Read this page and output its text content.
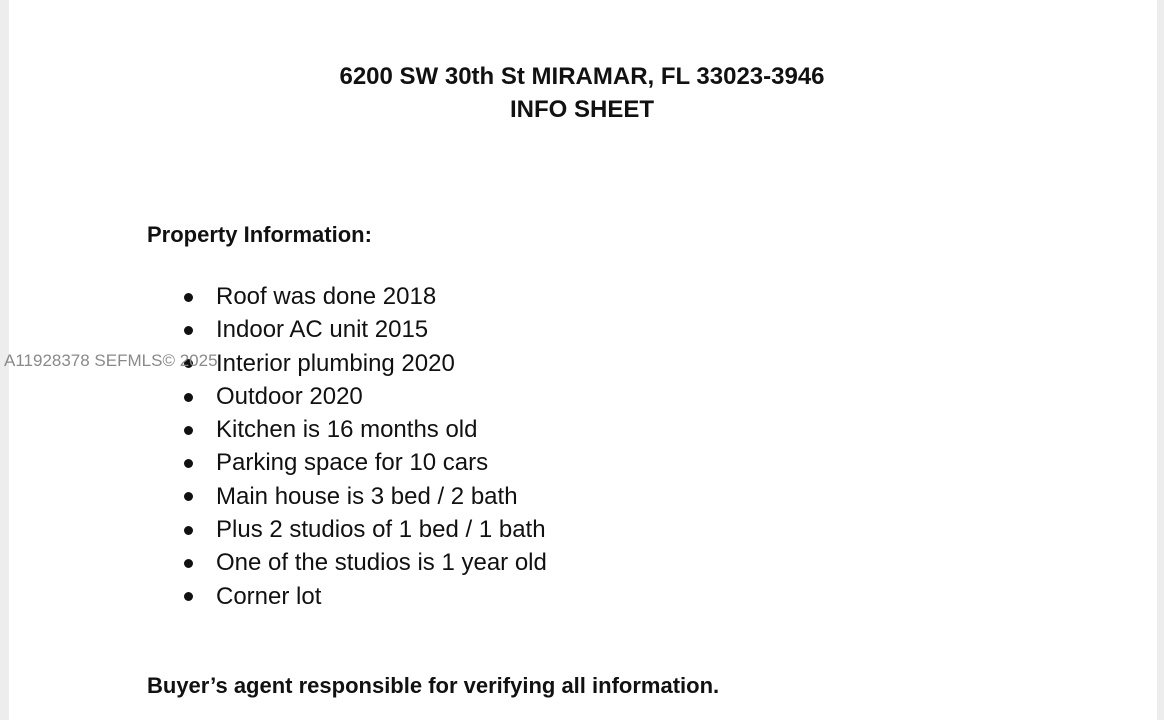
6200 SW 30th St MIRAMAR, FL 33023-3946
INFO SHEET
Property Information:
Roof was done 2018
Indoor AC unit 2015
Interior plumbing 2020
Outdoor 2020
Kitchen is 16 months old
Parking space for 10 cars
Main house is 3 bed / 2 bath
Plus 2 studios of 1 bed / 1 bath
One of the studios is 1 year old
Corner lot

Buyer’s agent responsible for verifying all information.

A11928378 SEFMLS© 2025
